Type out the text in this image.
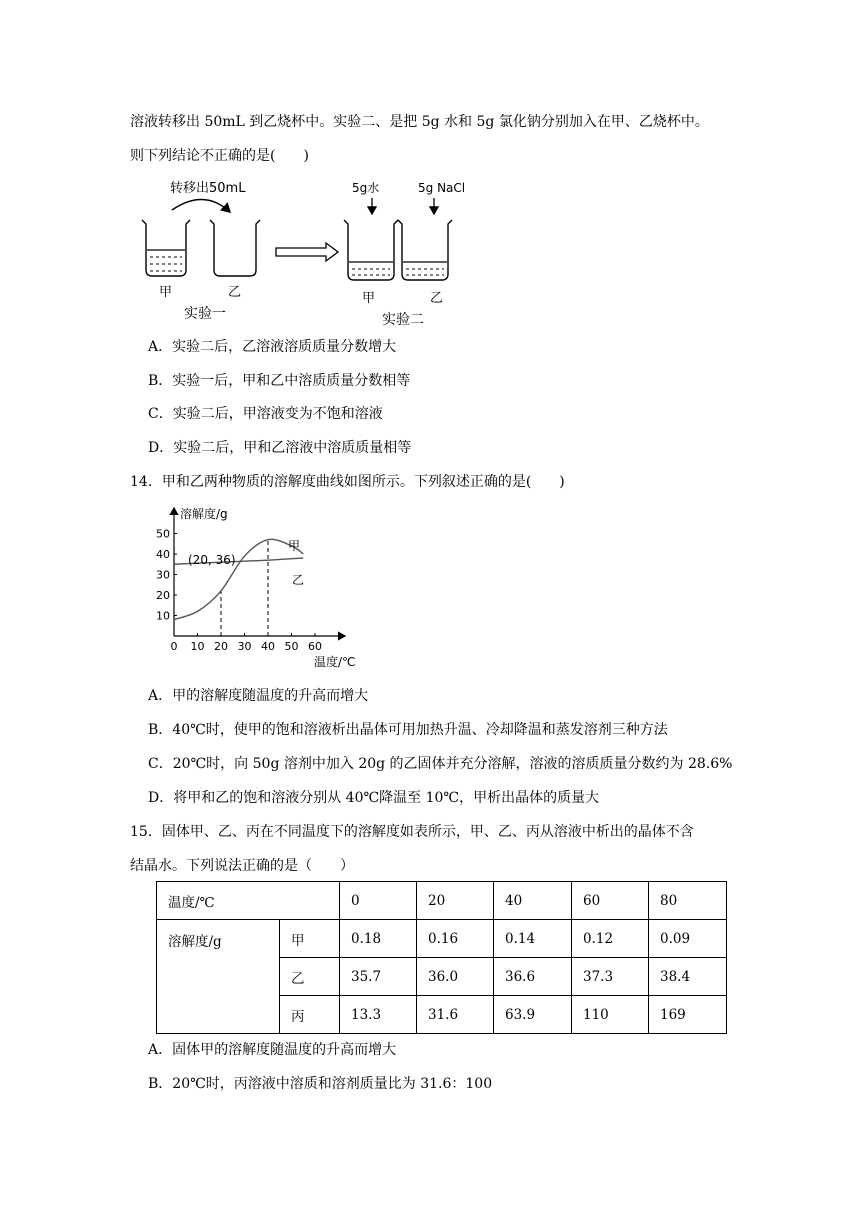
溶液转移出 50mL 到乙烧杯中。实验二、是把 5g 水和 5g 氯化钠分别加入在甲、乙烧杯中。
则下列结论不正确的是(　　)
转移出50mL
甲	乙
实验一
5g水	5g NaCl
甲	乙
实验二
A．实验二后，乙溶液溶质质量分数增大
B．实验一后，甲和乙中溶质质量分数相等
C．实验二后，甲溶液变为不饱和溶液
D．实验二后，甲和乙溶液中溶质质量相等
14．甲和乙两种物质的溶解度曲线如图所示。下列叙述正确的是(　　)
0 10 20 30 40 50 60
10
20
30
40
50
溶解度/g
温度/℃
(20, 36)
甲
乙
A．甲的溶解度随温度的升高而增大
B．40℃时，使甲的饱和溶液析出晶体可用加热升温、冷却降温和蒸发溶剂三种方法
C．20℃时，向 50g 溶剂中加入 20g 的乙固体并充分溶解，溶液的溶质质量分数约为 28.6%
D．将甲和乙的饱和溶液分别从 40℃降温至 10℃，甲析出晶体的质量大
15．固体甲、乙、丙在不同温度下的溶解度如表所示，甲、乙、丙从溶液中析出的晶体不含
结晶水。下列说法正确的是（　　）
温度/℃		0	20	40	60	80
溶解度/g	甲	0.18	0.16	0.14	0.12	0.09
	乙	35.7	36.0	36.6	37.3	38.4
	丙	13.3	31.6	63.9	110	169
A．固体甲的溶解度随温度的升高而增大
B．20℃时，丙溶液中溶质和溶剂质量比为 31.6：100
